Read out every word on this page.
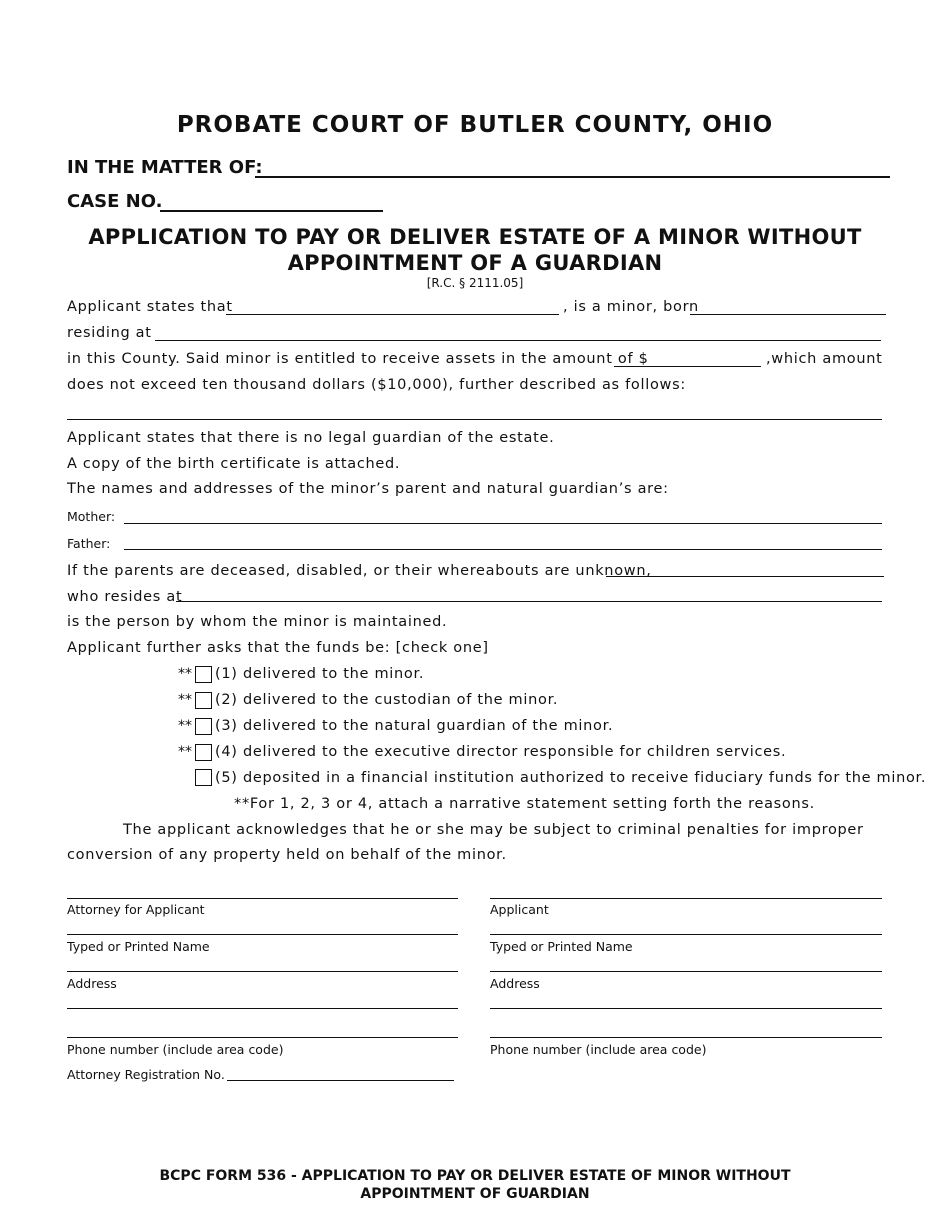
PROBATE COURT OF BUTLER COUNTY, OHIO
IN THE MATTER OF:
CASE NO.
APPLICATION TO PAY OR DELIVER ESTATE OF A MINOR WITHOUT
APPOINTMENT OF A GUARDIAN
[R.C. § 2111.05]
Applicant states that	, is a minor, born
residing at
in this County. Said minor is entitled to receive assets in the amount of $	,which amount
does not exceed ten thousand dollars ($10,000), further described as follows:
Applicant states that there is no legal guardian of the estate.
A copy of the birth certificate is attached.
The names and addresses of the minor’s parent and natural guardian’s are:
Mother:
Father:
If the parents are deceased, disabled, or their whereabouts are unknown,
who resides at
is the person by whom the minor is maintained.
Applicant further asks that the funds be: [check one]
** (1) delivered to the minor.
** (2) delivered to the custodian of the minor.
** (3) delivered to the natural guardian of the minor.
** (4) delivered to the executive director responsible for children services.
(5) deposited in a financial institution authorized to receive fiduciary funds for the minor.
**For 1, 2, 3 or 4, attach a narrative statement setting forth the reasons.
The applicant acknowledges that he or she may be subject to criminal penalties for improper
conversion of any property held on behalf of the minor.
Attorney for Applicant
Typed or Printed Name
Address
Phone number (include area code)
Attorney Registration No.
Applicant
Typed or Printed Name
Address
Phone number (include area code)
BCPC FORM 536 - APPLICATION TO PAY OR DELIVER ESTATE OF MINOR WITHOUT
APPOINTMENT OF GUARDIAN
